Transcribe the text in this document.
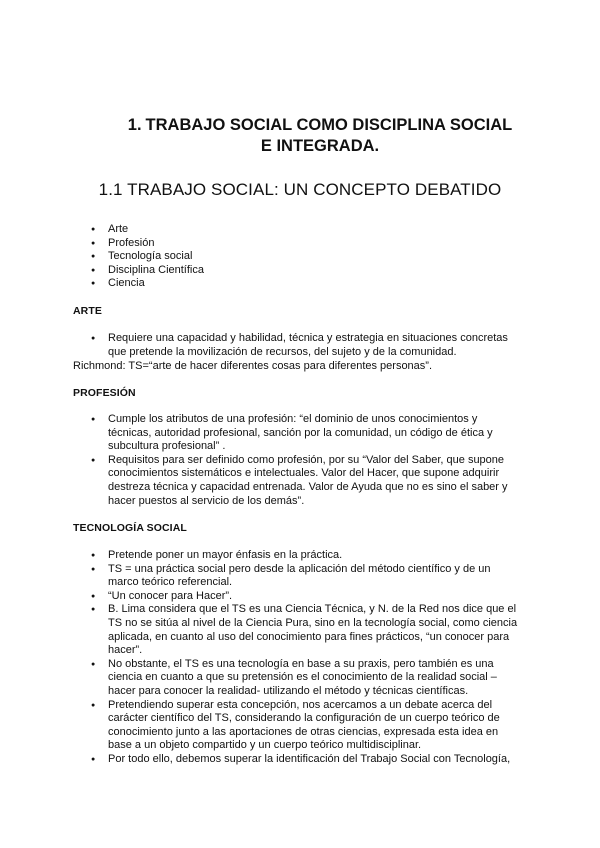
1. TRABAJO SOCIAL COMO DISCIPLINA SOCIAL
E INTEGRADA.
1.1 TRABAJO SOCIAL: UN CONCEPTO DEBATIDO
● Arte
● Profesión
● Tecnología social
● Disciplina Científica
● Ciencia
ARTE
● Requiere una capacidad y habilidad, técnica y estrategia en situaciones concretas que pretende la movilización de recursos, del sujeto y de la comunidad.
Richmond: TS=“arte de hacer diferentes cosas para diferentes personas”.
PROFESIÓN
● Cumple los atributos de una profesión: “el dominio de unos conocimientos y técnicas, autoridad profesional, sanción por la comunidad, un código de ética y subcultura profesional” .
● Requisitos para ser definido como profesión, por su “Valor del Saber, que supone conocimientos sistemáticos e intelectuales. Valor del Hacer, que supone adquirir destreza técnica y capacidad entrenada. Valor de Ayuda que no es sino el saber y hacer puestos al servicio de los demás”.
TECNOLOGÍA SOCIAL
● Pretende poner un mayor énfasis en la práctica.
● TS = una práctica social pero desde la aplicación del método científico y de un marco teórico referencial.
● “Un conocer para Hacer”.
● B. Lima considera que el TS es una Ciencia Técnica, y N. de la Red nos dice que el TS no se sitúa al nivel de la Ciencia Pura, sino en la tecnología social, como ciencia aplicada, en cuanto al uso del conocimiento para fines prácticos, “un conocer para hacer”.
● No obstante, el TS es una tecnología en base a su praxis, pero también es una ciencia en cuanto a que su pretensión es el conocimiento de la realidad social –hacer para conocer la realidad- utilizando el método y técnicas científicas.
● Pretendiendo superar esta concepción, nos acercamos a un debate acerca del carácter científico del TS, considerando la configuración de un cuerpo teórico de conocimiento junto a las aportaciones de otras ciencias, expresada esta idea en base a un objeto compartido y un cuerpo teórico multidisciplinar.
● Por todo ello, debemos superar la identificación del Trabajo Social con Tecnología,
